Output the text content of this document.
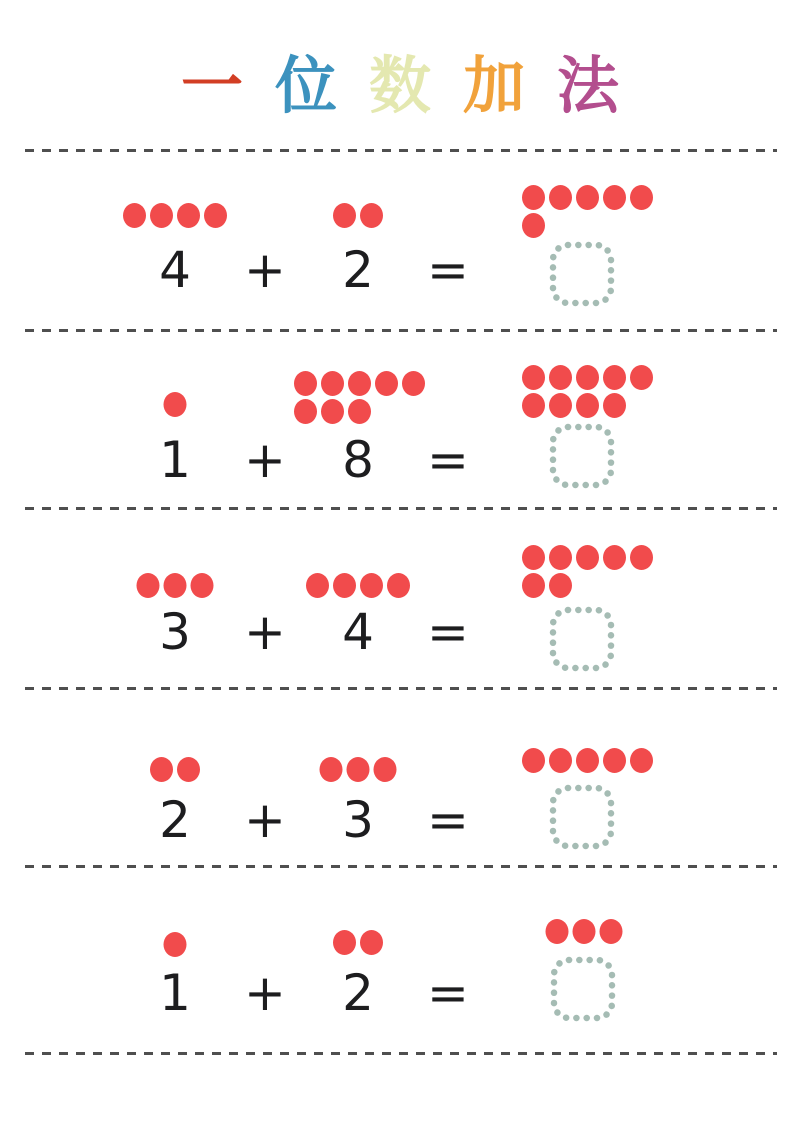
一 位 数 加 法
4 + 2 =
1 + 8 =
3 + 4 =
2 + 3 =
1 + 2 =
